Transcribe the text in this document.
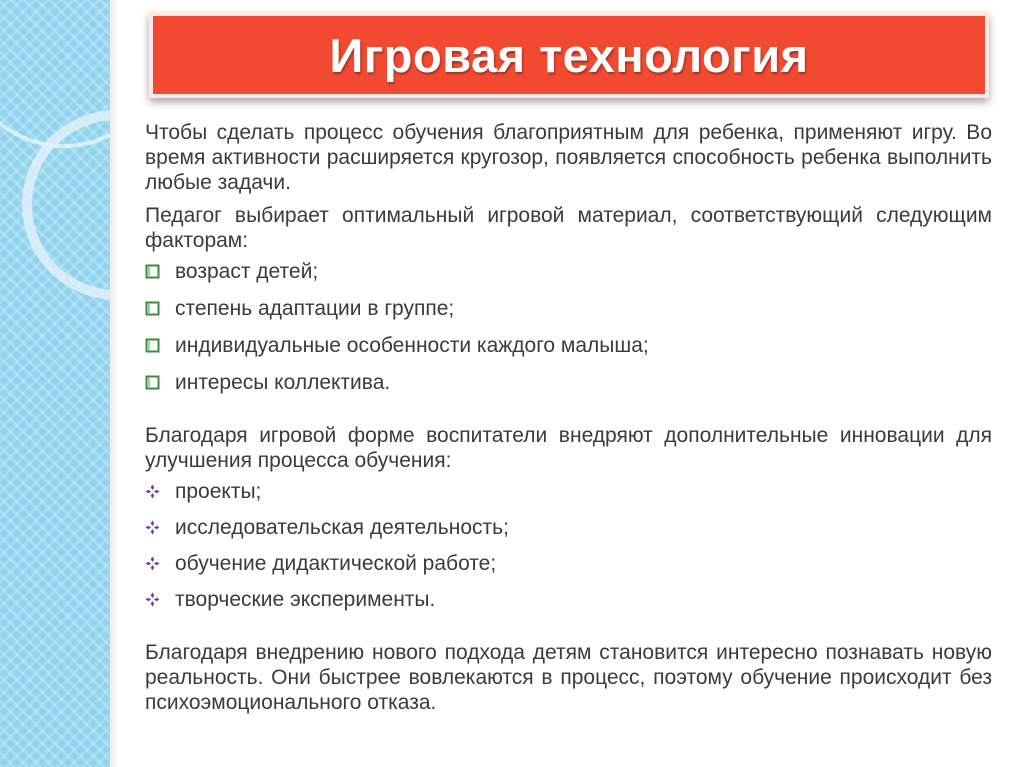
Игровая технология

Чтобы сделать процесс обучения благоприятным для ребенка, применяют игру. Во время активности расширяется кругозор, появляется способность ребенка выполнить любые задачи.

Педагог выбирает оптимальный игровой материал, соответствующий следующим факторам:

возраст детей;
степень адаптации в группе;
индивидуальные особенности каждого малыша;
интересы коллектива.

Благодаря игровой форме воспитатели внедряют дополнительные инновации для улучшения процесса обучения:

проекты;
исследовательская деятельность;
обучение дидактической работе;
творческие эксперименты.

Благодаря внедрению нового подхода детям становится интересно познавать новую реальность. Они быстрее вовлекаются в процесс, поэтому обучение происходит без психоэмоционального отказа.
